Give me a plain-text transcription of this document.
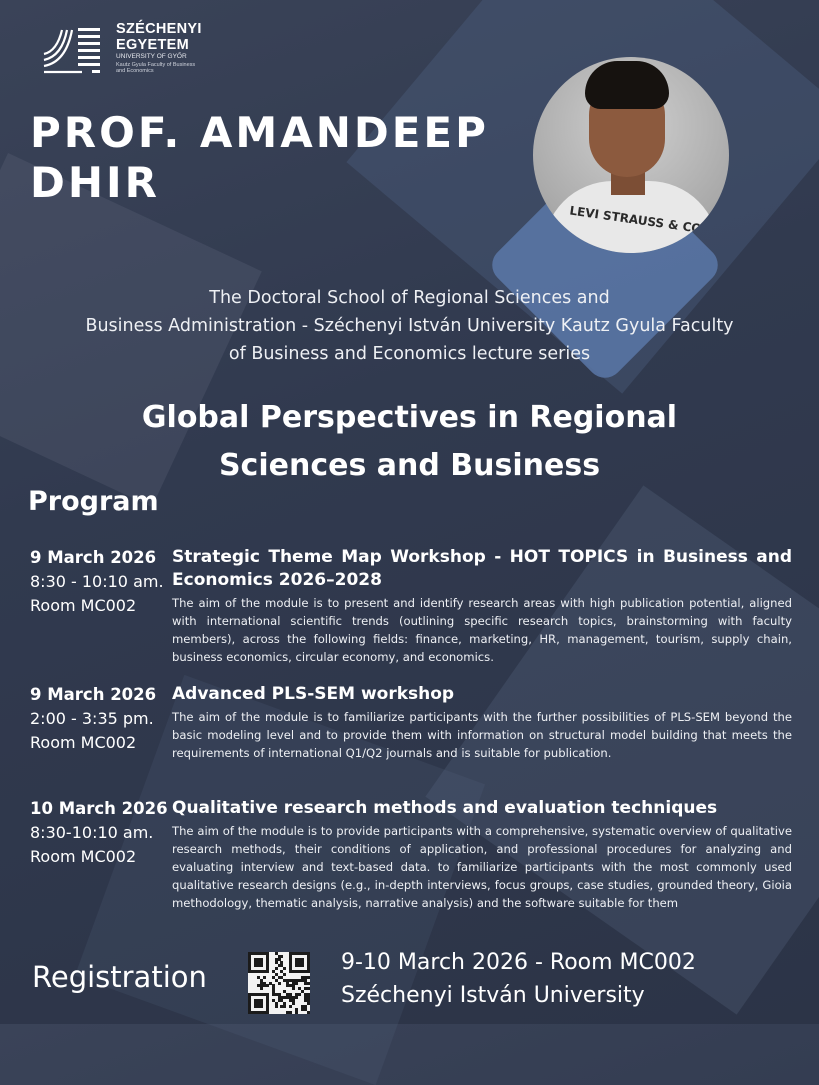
SZÉCHENYI
EGYETEM
UNIVERSITY OF GYŐR
Kautz Gyula Faculty of Business and Economics
PROF. AMANDEEP DHIR
LEVI STRAUSS & CO.
The Doctoral School of Regional Sciences and
Business Administration - Széchenyi István University Kautz Gyula Faculty
of Business and Economics lecture series
Global Perspectives in Regional
Sciences and Business
Program
9 March 2026
8:30 - 10:10 am.
Room MC002
Strategic Theme Map Workshop - HOT TOPICS in Business and Economics 2026–2028
The aim of the module is to present and identify research areas with high publication potential, aligned with international scientific trends (outlining specific research topics, brainstorming with faculty members), across the following fields: finance, marketing, HR, management, tourism, supply chain, business economics, circular economy, and economics.
9 March 2026
2:00 - 3:35 pm.
Room MC002
Advanced PLS-SEM workshop
The aim of the module is to familiarize participants with the further possibilities of PLS-SEM beyond the basic modeling level and to provide them with information on structural model building that meets the requirements of international Q1/Q2 journals and is suitable for publication.
10 March 2026
8:30-10:10 am.
Room MC002
Qualitative research methods and evaluation techniques
The aim of the module is to provide participants with a comprehensive, systematic overview of qualitative research methods, their conditions of application, and professional procedures for analyzing and evaluating interview and text-based data. to familiarize participants with the most commonly used qualitative research designs (e.g., in-depth interviews, focus groups, case studies, grounded theory, Gioia methodology, thematic analysis, narrative analysis) and the software suitable for them
Registration	9-10 March 2026 - Room MC002
Széchenyi István University
